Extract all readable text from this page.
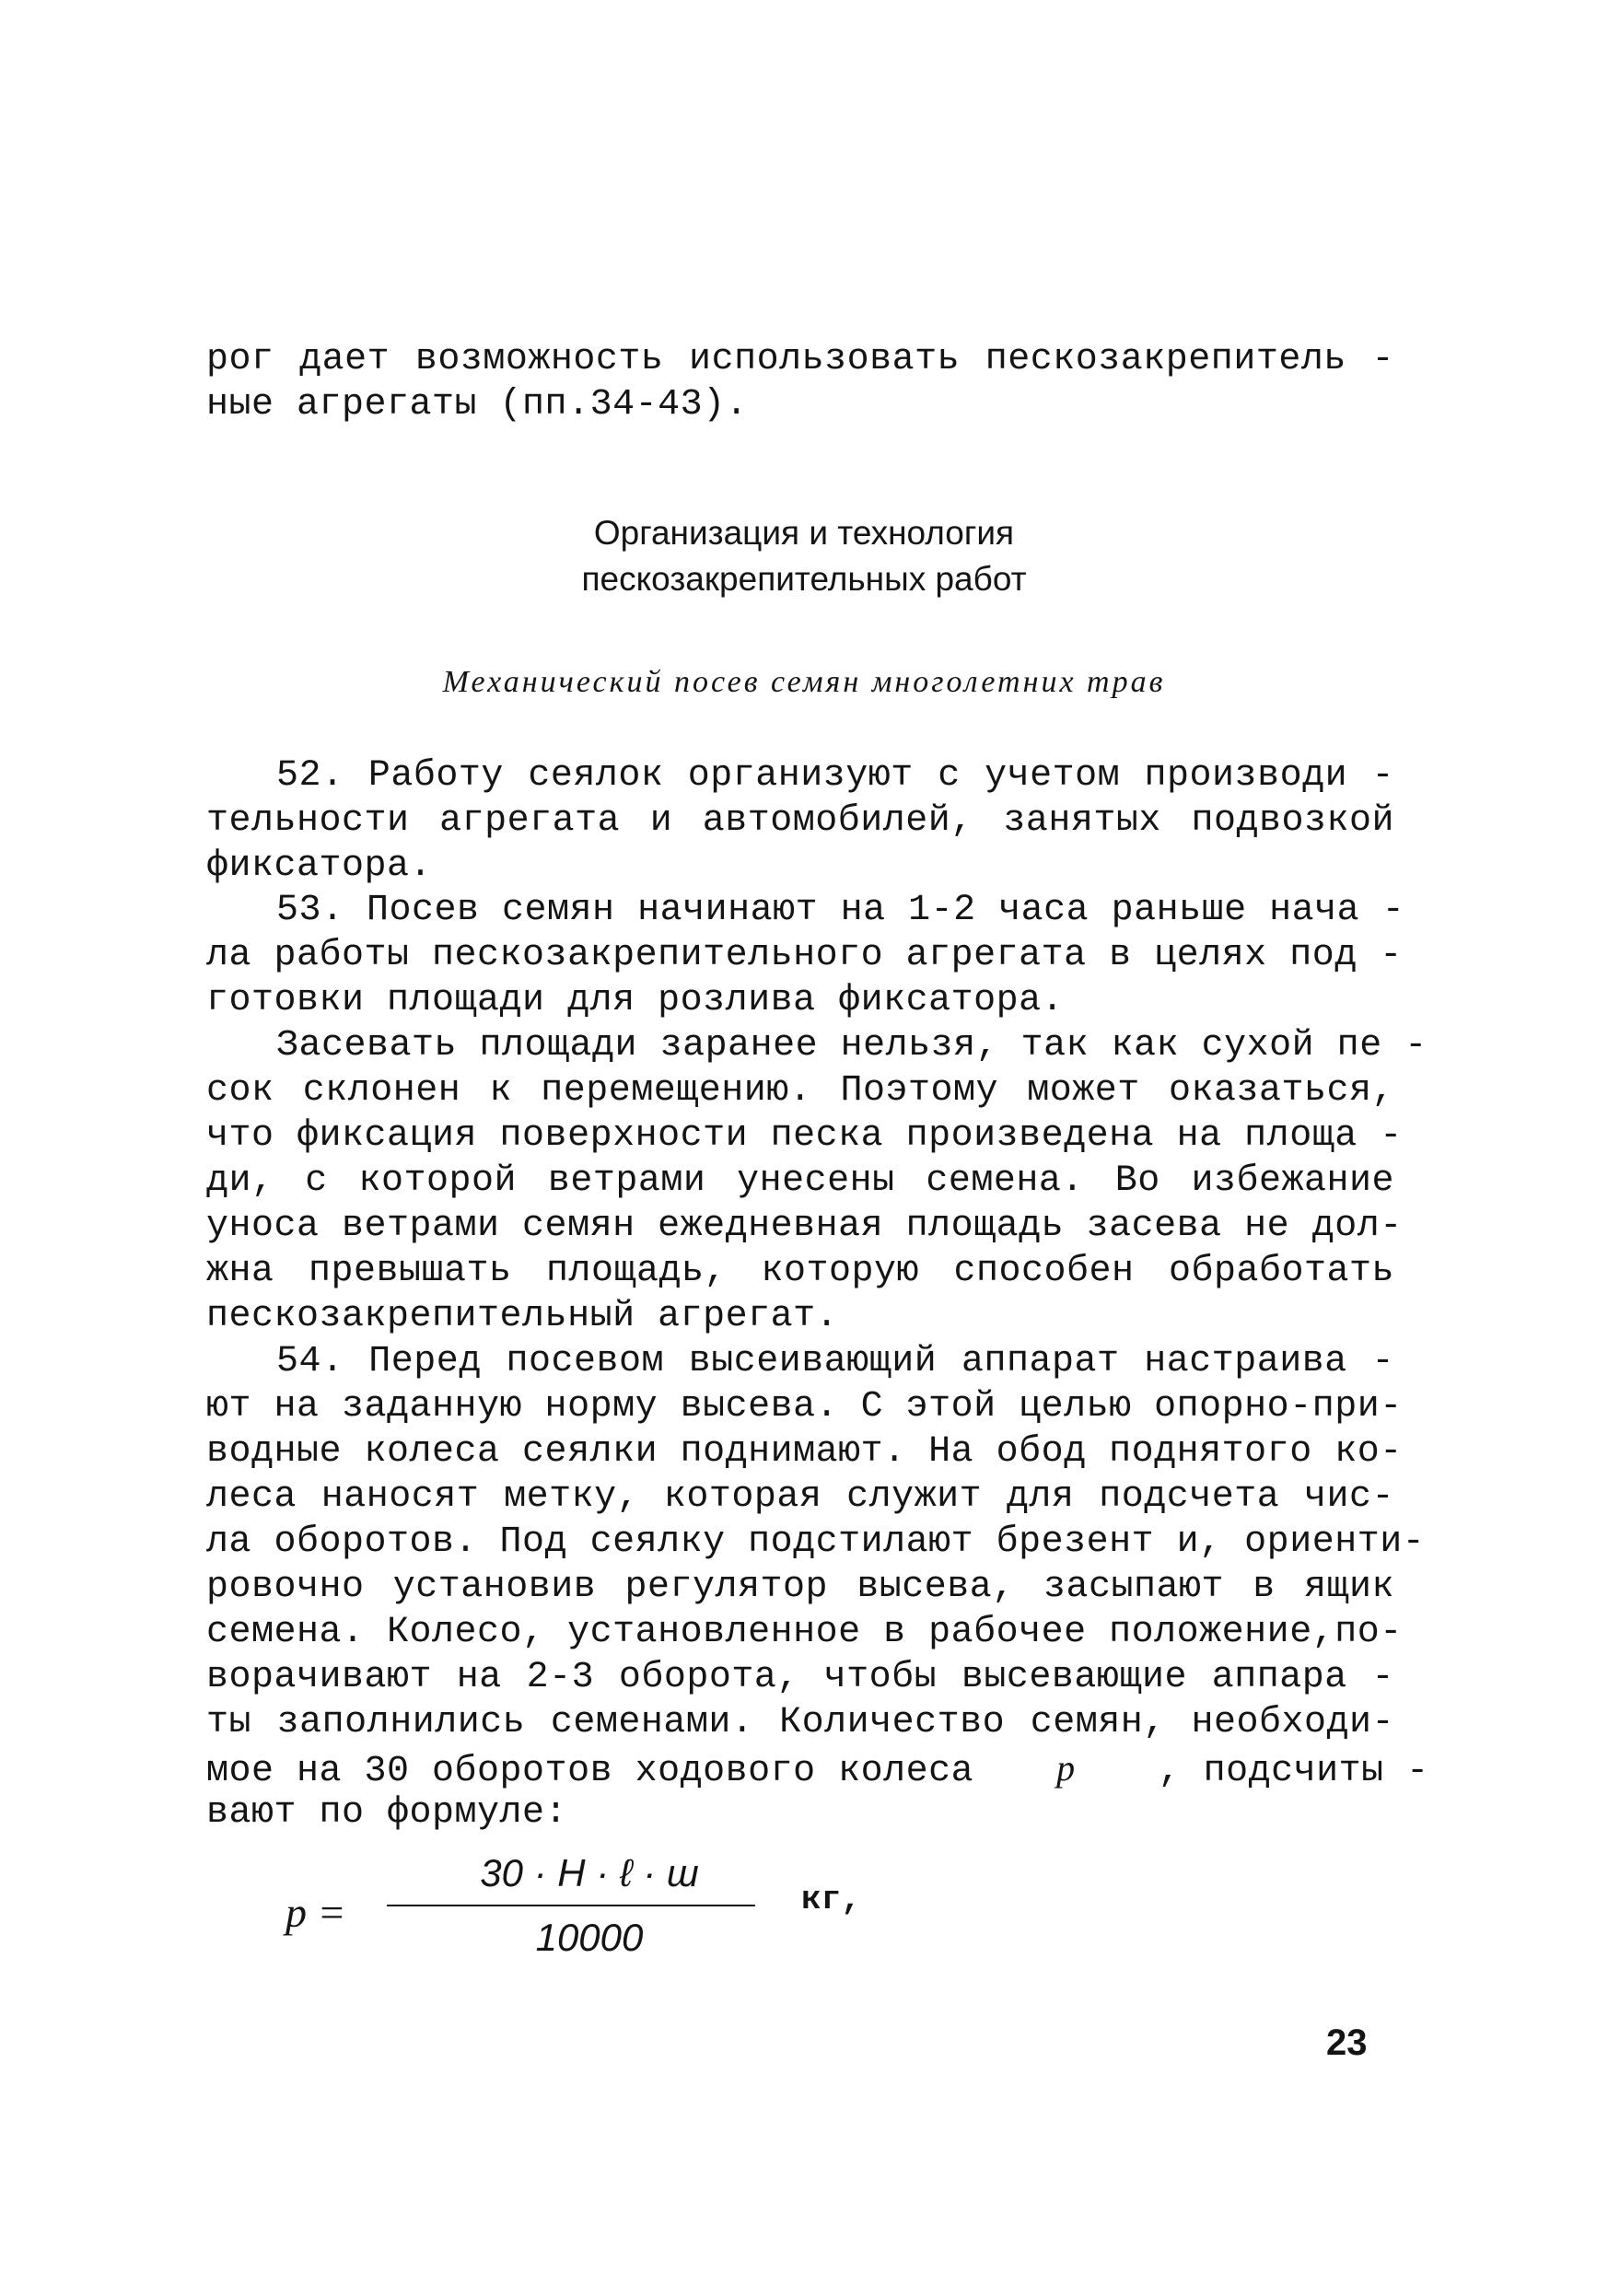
рог дает возможность использовать пескозакрепитель -
ные агрегаты (пп.34-43).
Организация и технология
пескозакрепительных работ
Механический посев семян многолетних трав
52. Работу сеялок организуют с учетом производи -
тельности агрегата и автомобилей, занятых подвозкой
фиксатора.
53. Посев семян начинают на 1-2 часа раньше нача -
ла работы пескозакрепительного агрегата в целях под -
готовки площади для розлива фиксатора.
Засевать площади заранее нельзя, так как сухой пе -
сок склонен к перемещению. Поэтому может оказаться,
что фиксация поверхности песка произведена на площа -
ди, с которой ветрами унесены семена. Во избежание
уноса ветрами семян ежедневная площадь засева не дол-
жна превышать площадь, которую способен обработать
пескозакрепительный агрегат.
54. Перед посевом высеивающий аппарат настраива -
ют на заданную норму высева. С этой целью опорно-при-
водные колеса сеялки поднимают. На обод поднятого ко-
леса наносят метку, которая служит для подсчета чис-
ла оборотов. Под сеялку подстилают брезент и, ориенти-
ровочно установив регулятор высева, засыпают в ящик
семена. Колесо, установленное в рабочее положение,по-
ворачивают на 2-3 оборота, чтобы высевающие аппара -
ты заполнились семенами. Количество семян, необходи-
мое на 30 оборотов ходового колеса р , подсчиты -
вают по формуле:
р =
30 · Н · ℓ · ш
10000
кг,
23
